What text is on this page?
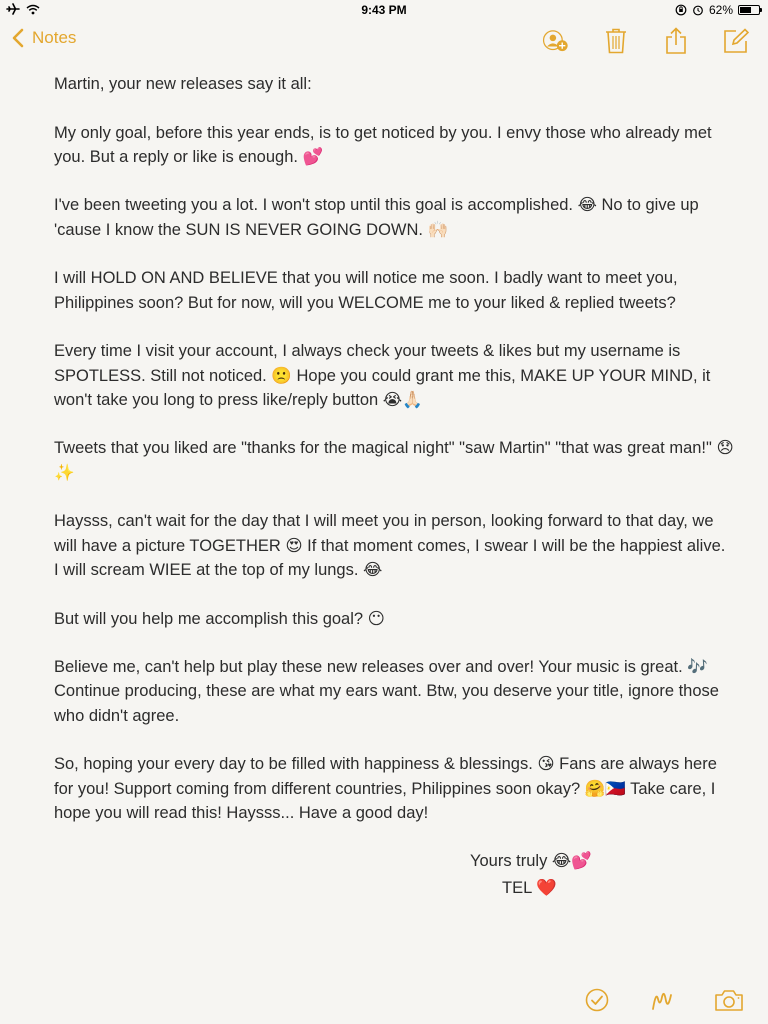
9:43 PM	62%
Notes

Martin, your new releases say it all:

My only goal, before this year ends, is to get noticed by you. I envy those who already met you. But a reply or like is enough. 💕

I've been tweeting you a lot. I won't stop until this goal is accomplished. 😂 No to give up 'cause I know the SUN IS NEVER GOING DOWN. 🙌🏻

I will HOLD ON AND BELIEVE that you will notice me soon. I badly want to meet you, Philippines soon? But for now, will you WELCOME me to your liked & replied tweets?

Every time I visit your account, I always check your tweets & likes but my username is SPOTLESS. Still not noticed. 🙁 Hope you could grant me this, MAKE UP YOUR MIND, it won't take you long to press like/reply button 😭🙏🏻

Tweets that you liked are "thanks for the magical night" "saw Martin" "that was great man!" 😞✨

Haysss, can't wait for the day that I will meet you in person, looking forward to that day, we will have a picture TOGETHER 😍 If that moment comes, I swear I will be the happiest alive. I will scream WIEE at the top of my lungs. 😂

But will you help me accomplish this goal? 😶

Believe me, can't help but play these new releases over and over! Your music is great. 🎶 Continue producing, these are what my ears want. Btw, you deserve your title, ignore those who didn't agree.

So, hoping your every day to be filled with happiness & blessings. 😘 Fans are always here for you! Support coming from different countries, Philippines soon okay? 🤗🇵🇭 Take care, I hope you will read this! Haysss... Have a good day!

Yours truly 😂💕
TEL ❤️
